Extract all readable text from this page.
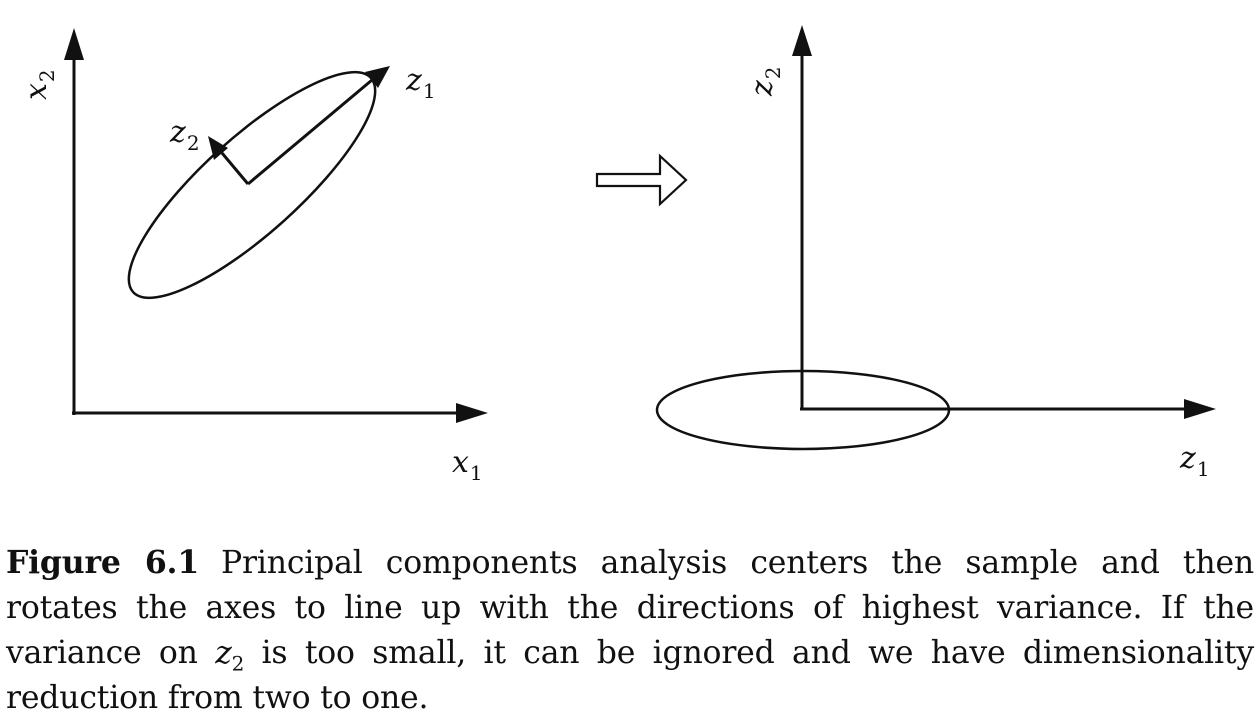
$x_1$
$x_2$	$z_1$
$z_2$
$z_1$
$z_2$
Figure 6.1 Principal components analysis centers the sample and then rotates the axes to line up with the directions of highest variance. If the variance on $z_2$ is too small, it can be ignored and we have dimensionality reduction from two to one.
